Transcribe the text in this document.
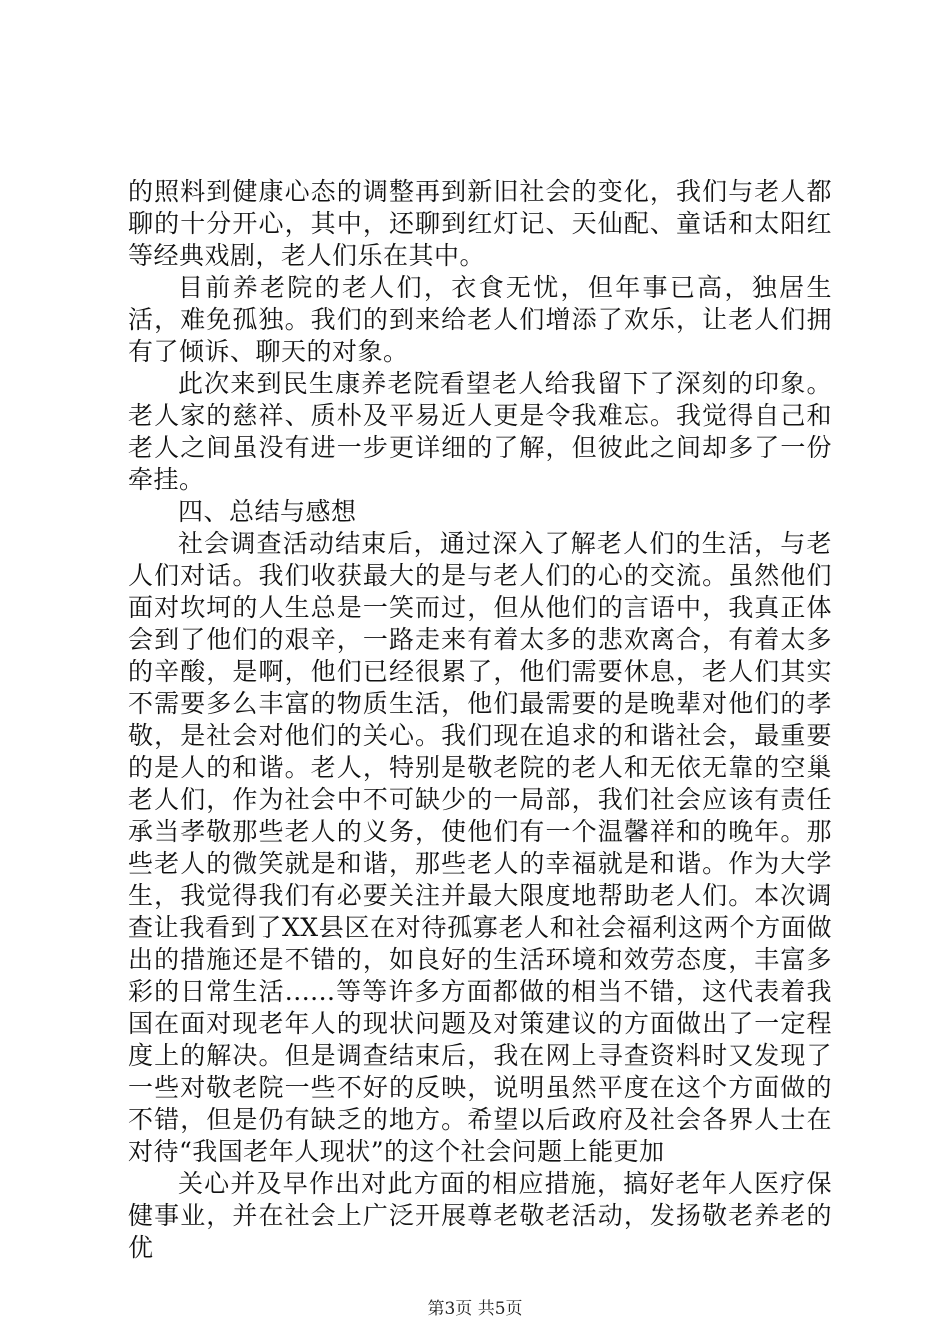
的照料到健康心态的调整再到新旧社会的变化，我们与老人都聊的十分开心，其中，还聊到红灯记、天仙配、童话和太阳红等经典戏剧，老人们乐在其中。

目前养老院的老人们，衣食无忧，但年事已高，独居生活，难免孤独。我们的到来给老人们增添了欢乐，让老人们拥有了倾诉、聊天的对象。

此次来到民生康养老院看望老人给我留下了深刻的印象。老人家的慈祥、质朴及平易近人更是令我难忘。我觉得自己和老人之间虽没有进一步更详细的了解，但彼此之间却多了一份牵挂。

四、总结与感想

社会调查活动结束后，通过深入了解老人们的生活，与老人们对话。我们收获最大的是与老人们的心的交流。虽然他们面对坎坷的人生总是一笑而过，但从他们的言语中，我真正体会到了他们的艰辛，一路走来有着太多的悲欢离合，有着太多的辛酸，是啊，他们已经很累了，他们需要休息，老人们其实不需要多么丰富的物质生活，他们最需要的是晚辈对他们的孝敬，是社会对他们的关心。我们现在追求的和谐社会，最重要的是人的和谐。老人，特别是敬老院的老人和无依无靠的空巢老人们，作为社会中不可缺少的一局部，我们社会应该有责任承当孝敬那些老人的义务，使他们有一个温馨祥和的晚年。那些老人的微笑就是和谐，那些老人的幸福就是和谐。作为大学生，我觉得我们有必要关注并最大限度地帮助老人们。本次调查让我看到了XX县区在对待孤寡老人和社会福利这两个方面做出的措施还是不错的，如良好的生活环境和效劳态度，丰富多彩的日常生活......等等许多方面都做的相当不错，这代表着我国在面对现老年人的现状问题及对策建议的方面做出了一定程度上的解决。但是调查结束后，我在网上寻查资料时又发现了一些对敬老院一些不好的反映，说明虽然平度在这个方面做的不错，但是仍有缺乏的地方。希望以后政府及社会各界人士在对待“我国老年人现状”的这个社会问题上能更加

关心并及早作出对此方面的相应措施，搞好老年人医疗保健事业，并在社会上广泛开展尊老敬老活动，发扬敬老养老的优

第3页 共5页
